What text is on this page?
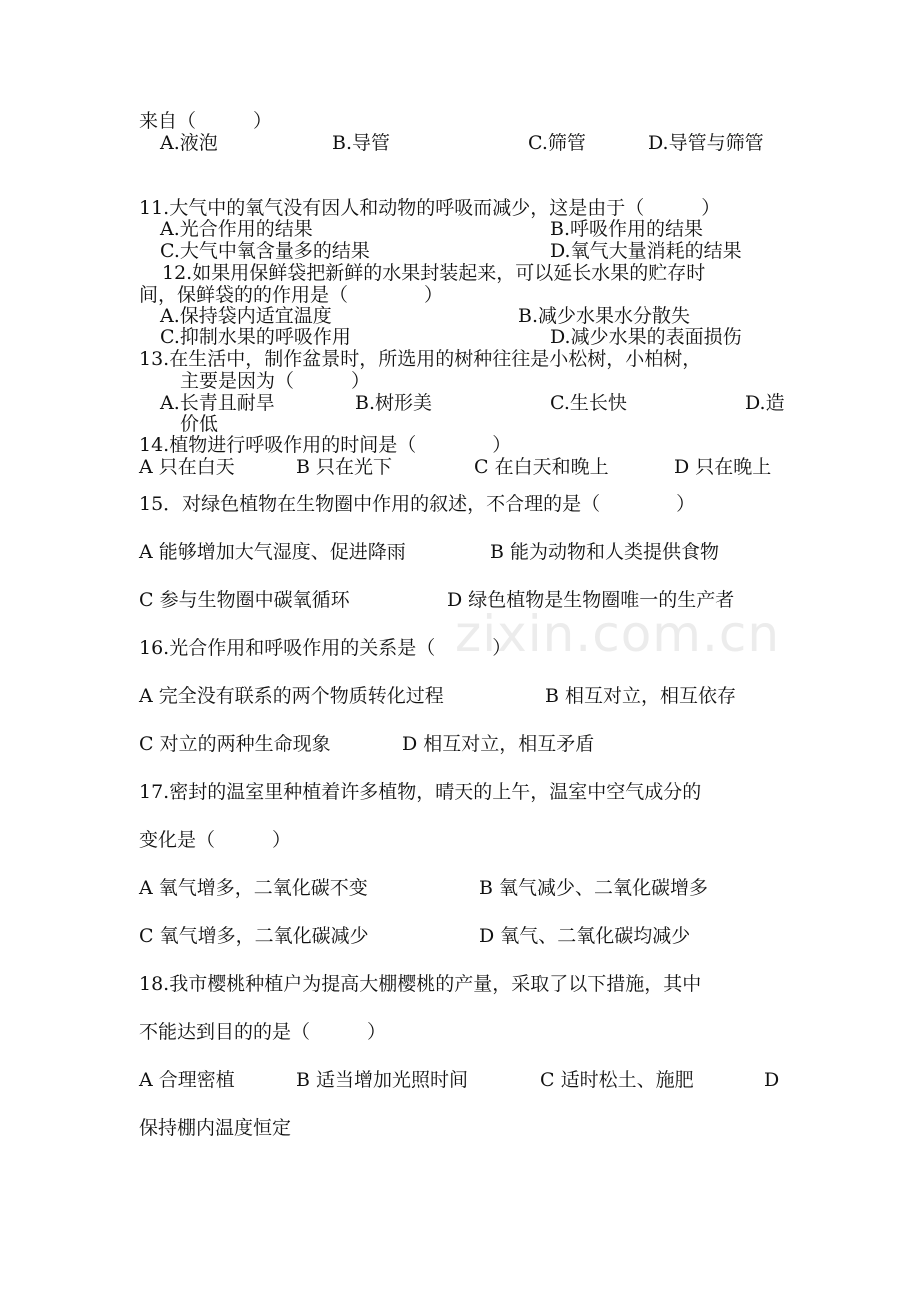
来自（　　　）
A.液泡	B.导管	C.筛管	D.导管与筛管
11.大气中的氧气没有因人和动物的呼吸而减少，这是由于（　　　）
A.光合作用的结果	B.呼吸作用的结果
C.大气中氧含量多的结果	D.氧气大量消耗的结果
12.如果用保鲜袋把新鲜的水果封装起来，可以延长水果的贮存时
间，保鲜袋的的作用是（　　　　）
A.保持袋内适宜温度	B.减少水果水分散失
C.抑制水果的呼吸作用	D.减少水果的表面损伤
13.在生活中，制作盆景时，所选用的树种往往是小松树，小柏树，
主要是因为（　　　）
A.长青且耐旱	B.树形美	C.生长快	D.造
价低
14.植物进行呼吸作用的时间是（　　　　）
A 只在白天	B 只在光下	C 在白天和晚上	D 只在晚上
15．对绿色植物在生物圈中作用的叙述，不合理的是（　　　　）
A 能够增加大气湿度、促进降雨	B 能为动物和人类提供食物
C 参与生物圈中碳氧循环	D 绿色植物是生物圈唯一的生产者
16.光合作用和呼吸作用的关系是（　　　）
A 完全没有联系的两个物质转化过程	B 相互对立，相互依存
C 对立的两种生命现象	D 相互对立，相互矛盾
17.密封的温室里种植着许多植物，晴天的上午，温室中空气成分的
变化是（　　　）
A 氧气增多，二氧化碳不变	B 氧气减少、二氧化碳增多
C 氧气增多，二氧化碳减少	D 氧气、二氧化碳均减少
18.我市樱桃种植户为提高大棚樱桃的产量，采取了以下措施，其中
不能达到目的的是（　　　）
A 合理密植	B 适当增加光照时间	C 适时松土、施肥	D
保持棚内温度恒定
zixin.com.cn
